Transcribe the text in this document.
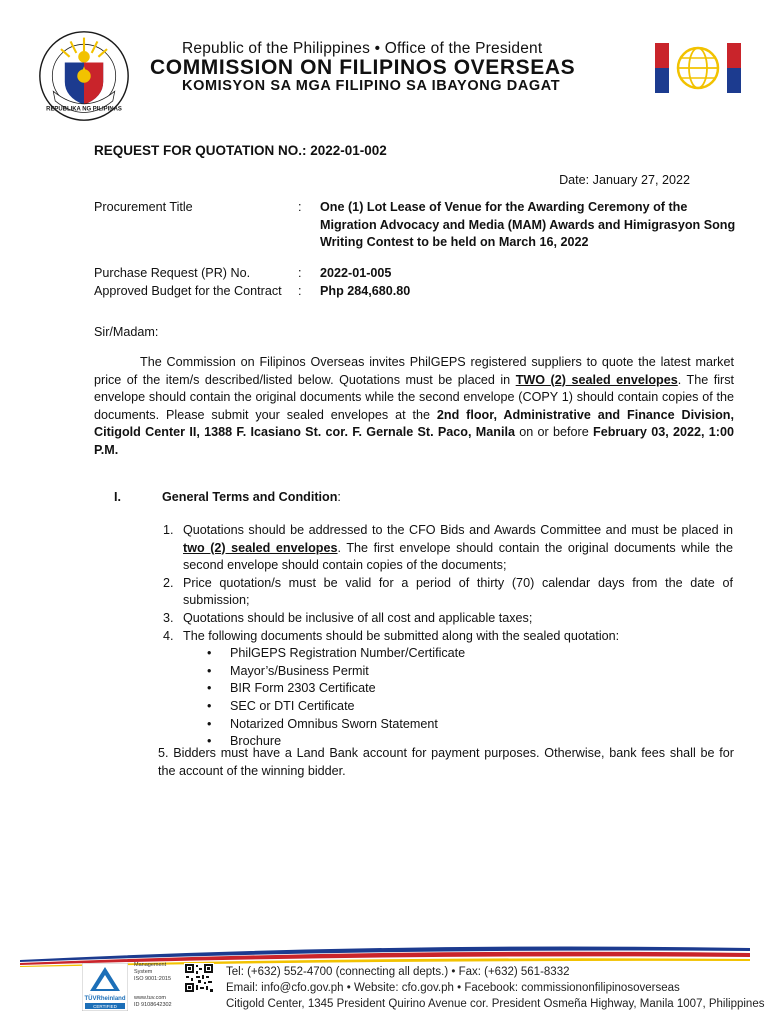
REPUBLIKA NG PILIPINAS
Republic of the Philippines • Office of the President
COMMISSION ON FILIPINOS OVERSEAS
KOMISYON SA MGA FILIPINO SA IBAYONG DAGAT
REQUEST FOR QUOTATION NO.: 2022-01-002
Date: January 27, 2022
Procurement Title	: One (1) Lot Lease of Venue for the Awarding Ceremony of the Migration Advocacy and Media (MAM) Awards and Himigrasyon Song Writing Contest to be held on March 16, 2022
Purchase Request (PR) No.	: 2022-01-005
Approved Budget for the Contract : Php 284,680.80
Sir/Madam:
The Commission on Filipinos Overseas invites PhilGEPS registered suppliers to quote the latest market price of the item/s described/listed below. Quotations must be placed in TWO (2) sealed envelopes. The first envelope should contain the original documents while the second envelope (COPY 1) should contain copies of the documents. Please submit your sealed envelopes at the 2nd floor, Administrative and Finance Division, Citigold Center II, 1388 F. Icasiano St. cor. F. Gernale St. Paco, Manila on or before February 03, 2022, 1:00 P.M.
I.	General Terms and Condition:
1. Quotations should be addressed to the CFO Bids and Awards Committee and must be placed in two (2) sealed envelopes. The first envelope should contain the original documents while the second envelope should contain copies of the documents;
2. Price quotation/s must be valid for a period of thirty (70) calendar days from the date of submission;
3. Quotations should be inclusive of all cost and applicable taxes;
4. The following documents should be submitted along with the sealed quotation:
• PhilGEPS Registration Number/Certificate
• Mayor’s/Business Permit
• BIR Form 2303 Certificate
• SEC or DTI Certificate
• Notarized Omnibus Sworn Statement
• Brochure
5. Bidders must have a Land Bank account for payment purposes. Otherwise, bank fees shall be for the account of the winning bidder.
TÜVRheinland
CERTIFIED
Management
System
ISO 9001:2015
www.tuv.com
ID 9108642302
Tel: (+632) 552-4700 (connecting all depts.) • Fax: (+632) 561-8332
Email: info@cfo.gov.ph • Website: cfo.gov.ph • Facebook: commissiononfilipinosoverseas
Citigold Center, 1345 President Quirino Avenue cor. President Osmeña Highway, Manila 1007, Philippines
